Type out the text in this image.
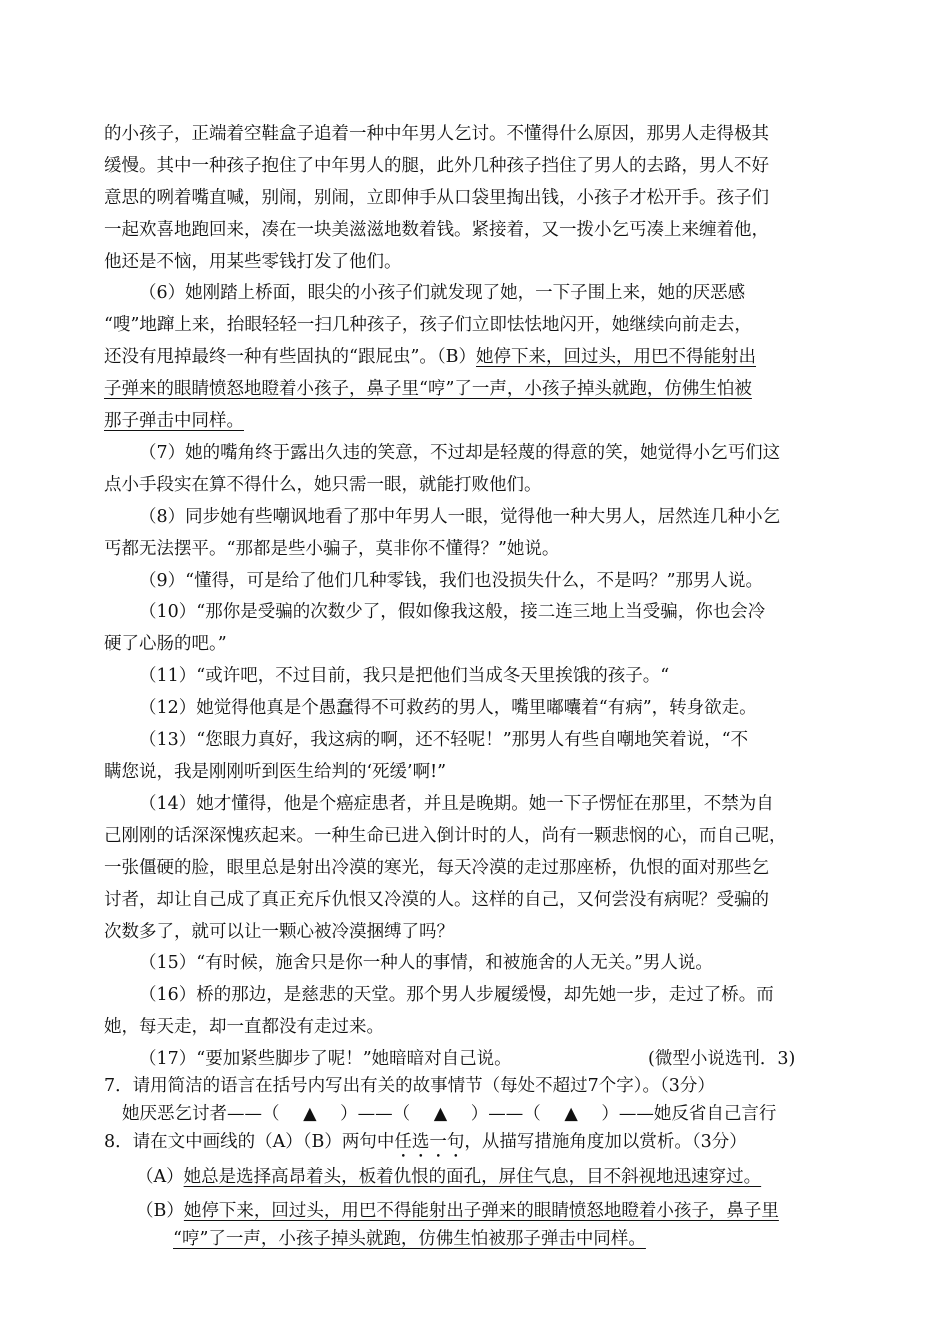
的小孩子，正端着空鞋盒子追着一种中年男人乞讨。不懂得什么原因，那男人走得极其
缓慢。其中一种孩子抱住了中年男人的腿，此外几种孩子挡住了男人的去路，男人不好
意思的咧着嘴直喊，别闹，别闹，立即伸手从口袋里掏出钱，小孩子才松开手。孩子们
一起欢喜地跑回来，凑在一块美滋滋地数着钱。紧接着，又一拨小乞丐凑上来缠着他，
他还是不恼，用某些零钱打发了他们。
（6）她刚踏上桥面，眼尖的小孩子们就发现了她，一下子围上来，她的厌恶感
“嗖”地蹿上来，抬眼轻轻一扫几种孩子，孩子们立即怯怯地闪开，她继续向前走去，
还没有甩掉最终一种有些固执的“跟屁虫”。（B）她停下来，回过头，用巴不得能射出
子弹来的眼睛愤怒地瞪着小孩子，鼻子里“哼”了一声，小孩子掉头就跑，仿佛生怕被
那子弹击中同样。
（7）她的嘴角终于露出久违的笑意，不过却是轻蔑的得意的笑，她觉得小乞丐们这
点小手段实在算不得什么，她只需一眼，就能打败他们。
（8）同步她有些嘲讽地看了那中年男人一眼，觉得他一种大男人，居然连几种小乞
丐都无法摆平。“那都是些小骗子，莫非你不懂得？”她说。
（9）“懂得，可是给了他们几种零钱，我们也没损失什么，不是吗？”那男人说。
（10）“那你是受骗的次数少了，假如像我这般，接二连三地上当受骗，你也会冷
硬了心肠的吧。”
（11）“或许吧，不过目前，我只是把他们当成冬天里挨饿的孩子。“
（12）她觉得他真是个愚蠢得不可救药的男人，嘴里嘟囔着“有病”，转身欲走。
（13）“您眼力真好，我这病的啊，还不轻呢！”那男人有些自嘲地笑着说，“不
瞒您说，我是刚刚听到医生给判的‘死缓’啊!”
（14）她才懂得，他是个癌症患者，并且是晚期。她一下子愣怔在那里，不禁为自
己刚刚的话深深愧疚起来。一种生命已进入倒计时的人，尚有一颗悲悯的心，而自己呢，
一张僵硬的脸，眼里总是射出冷漠的寒光，每天冷漠的走过那座桥，仇恨的面对那些乞
讨者，却让自己成了真正充斥仇恨又冷漠的人。这样的自己，又何尝没有病呢？受骗的
次数多了，就可以让一颗心被冷漠捆缚了吗？
（15）“有时候，施舍只是你一种人的事情，和被施舍的人无关。”男人说。
（16）桥的那边，是慈悲的天堂。那个男人步履缓慢，却先她一步，走过了桥。而
她，每天走，却一直都没有走过来。
（17）“要加紧些脚步了呢！”她暗暗对自己说。	(微型小说选刊．3)
7．请用简洁的语言在括号内写出有关的故事情节（每处不超过7个字）。（3分）
她厌恶乞讨者——（ ▲ ）——（ ▲ ）——（ ▲ ）——她反省自己言行
8．请在文中画线的（A）（B）两句中任选一句，从描写措施角度加以赏析。（3分）
（A）她总是选择高昂着头，板着仇恨的面孔，屏住气息，目不斜视地迅速穿过。
（B）她停下来，回过头，用巴不得能射出子弹来的眼睛愤怒地瞪着小孩子，鼻子里
“哼”了一声，小孩子掉头就跑，仿佛生怕被那子弹击中同样。
